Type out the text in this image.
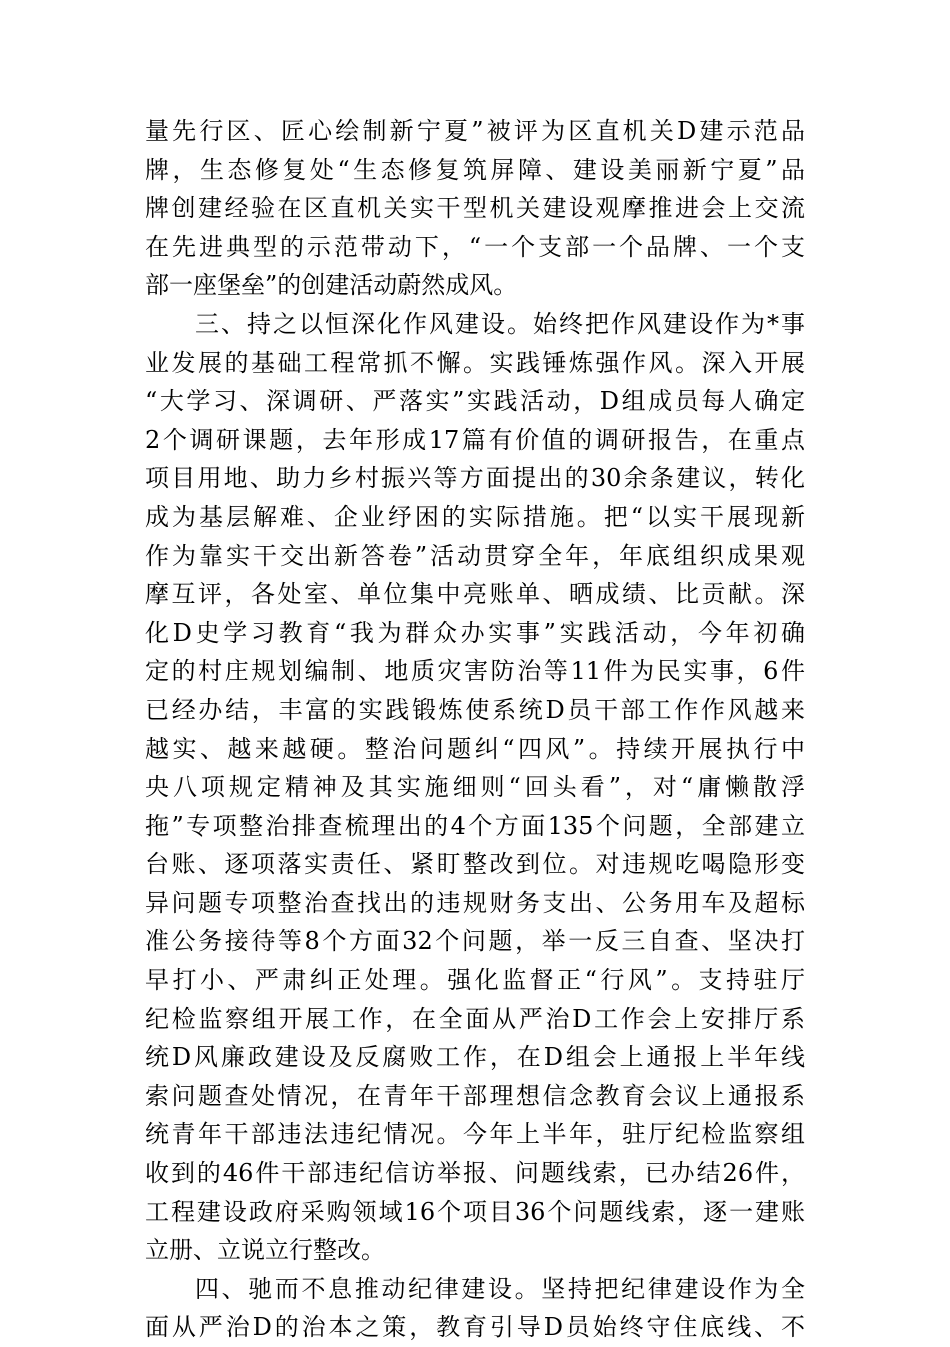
量先行区、匠心绘制新宁夏”被评为区直机关D建示范品
牌，生态修复处“生态修复筑屏障、建设美丽新宁夏”品
牌创建经验在区直机关实干型机关建设观摩推进会上交流
在先进典型的示范带动下，“一个支部一个品牌、一个支
部一座堡垒”的创建活动蔚然成风。
三、持之以恒深化作风建设。始终把作风建设作为*事
业发展的基础工程常抓不懈。实践锤炼强作风。深入开展
“大学习、深调研、严落实”实践活动，D组成员每人确定
2个调研课题，去年形成17篇有价值的调研报告，在重点
项目用地、助力乡村振兴等方面提出的30余条建议，转化
成为基层解难、企业纾困的实际措施。把“以实干展现新
作为靠实干交出新答卷”活动贯穿全年，年底组织成果观
摩互评，各处室、单位集中亮账单、晒成绩、比贡献。深
化D史学习教育“我为群众办实事”实践活动，今年初确
定的村庄规划编制、地质灾害防治等11件为民实事，6件
已经办结，丰富的实践锻炼使系统D员干部工作作风越来
越实、越来越硬。整治问题纠“四风”。持续开展执行中
央八项规定精神及其实施细则“回头看”，对“庸懒散浮
拖”专项整治排查梳理出的4个方面135个问题，全部建立
台账、逐项落实责任、紧盯整改到位。对违规吃喝隐形变
异问题专项整治查找出的违规财务支出、公务用车及超标
准公务接待等8个方面32个问题，举一反三自查、坚决打
早打小、严肃纠正处理。强化监督正“行风”。支持驻厅
纪检监察组开展工作，在全面从严治D工作会上安排厅系
统D风廉政建设及反腐败工作，在D组会上通报上半年线
索问题查处情况，在青年干部理想信念教育会议上通报系
统青年干部违法违纪情况。今年上半年，驻厅纪检监察组
收到的46件干部违纪信访举报、问题线索，已办结26件，
工程建设政府采购领域16个项目36个问题线索，逐一建账
立册、立说立行整改。
四、驰而不息推动纪律建设。坚持把纪律建设作为全
面从严治D的治本之策，教育引导D员始终守住底线、不
